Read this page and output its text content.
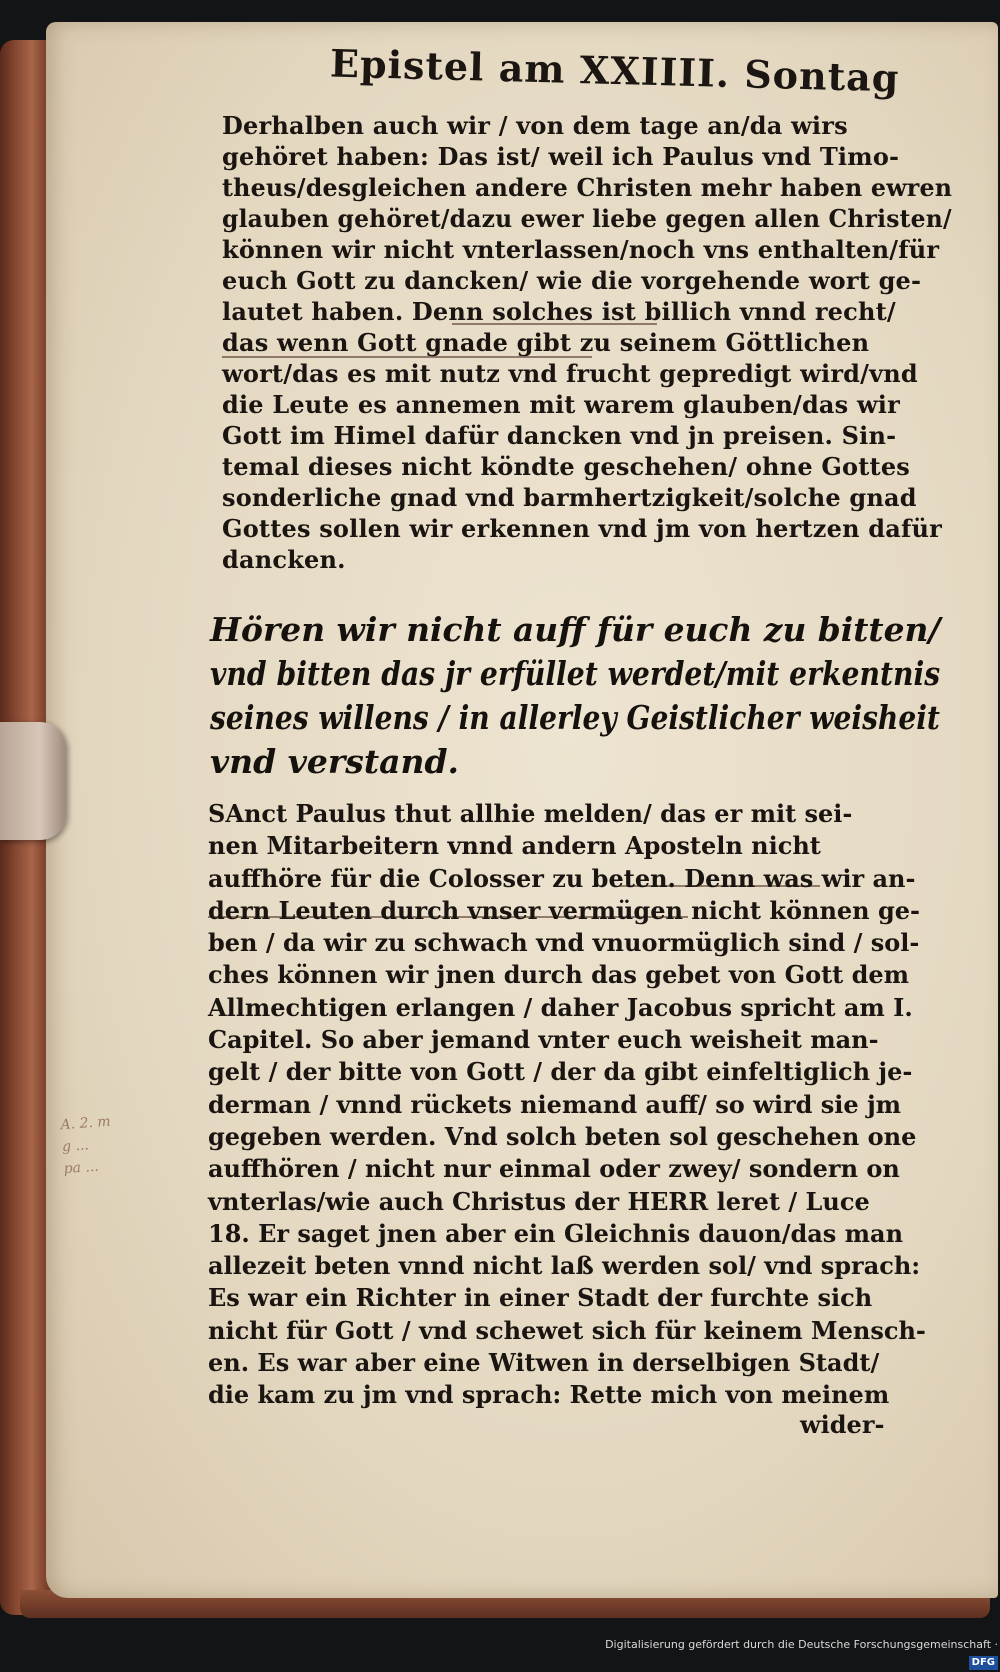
Epistel am XXIIII. Sontag

Derhalben auch wir / von dem tage an/da wirs
gehöret haben: Das ist/ weil ich Paulus vnd Timo-
theus/desgleichen andere Christen mehr haben ewren
glauben gehöret/dazu ewer liebe gegen allen Christen/
können wir nicht vnterlassen/noch vns enthalten/für
euch Gott zu dancken/ wie die vorgehende wort ge-
lautet haben. Denn solches ist billich vnnd recht/
das wenn Gott gnade gibt zu seinem Göttlichen
wort/das es mit nutz vnd frucht gepredigt wird/vnd
die Leute es annemen mit warem glauben/das wir
Gott im Himel dafür dancken vnd jn preisen. Sin-
temal dieses nicht köndte geschehen/ ohne Gottes
sonderliche gnad vnd barmhertzigkeit/solche gnad
Gottes sollen wir erkennen vnd jm von hertzen dafür
dancken.
Hören wir nicht auff für euch zu bitten/
vnd bitten das jr erfüllet werdet/mit erkentnis
seines willens / in allerley Geistlicher weisheit
vnd verstand.
SAnct Paulus thut allhie melden/ das er mit sei-
nen Mitarbeitern vnnd andern Aposteln nicht
auffhöre für die Colosser zu beten. Denn was wir an-
dern Leuten durch vnser vermügen nicht können ge-
ben / da wir zu schwach vnd vnuormüglich sind / sol-
ches können wir jnen durch das gebet von Gott dem
Allmechtigen erlangen / daher Jacobus spricht am I.
Capitel. So aber jemand vnter euch weisheit man-
gelt / der bitte von Gott / der da gibt einfeltiglich je-
derman / vnnd rückets niemand auff/ so wird sie jm
gegeben werden. Vnd solch beten sol geschehen one
auffhören / nicht nur einmal oder zwey/ sondern on
vnterlas/wie auch Christus der HERR leret / Luce
18. Er saget jnen aber ein Gleichnis dauon/das man
allezeit beten vnnd nicht laß werden sol/ vnd sprach:
Es war ein Richter in einer Stadt der furchte sich
nicht für Gott / vnd schewet sich für keinem Mensch-
en. Es war aber eine Witwen in derselbigen Stadt/
die kam zu jm vnd sprach: Rette mich von meinem
wider-
A. 2. m
g ...
pa ...
Digitalisierung gefördert durch die Deutsche Forschungsgemeinschaft · DFG
